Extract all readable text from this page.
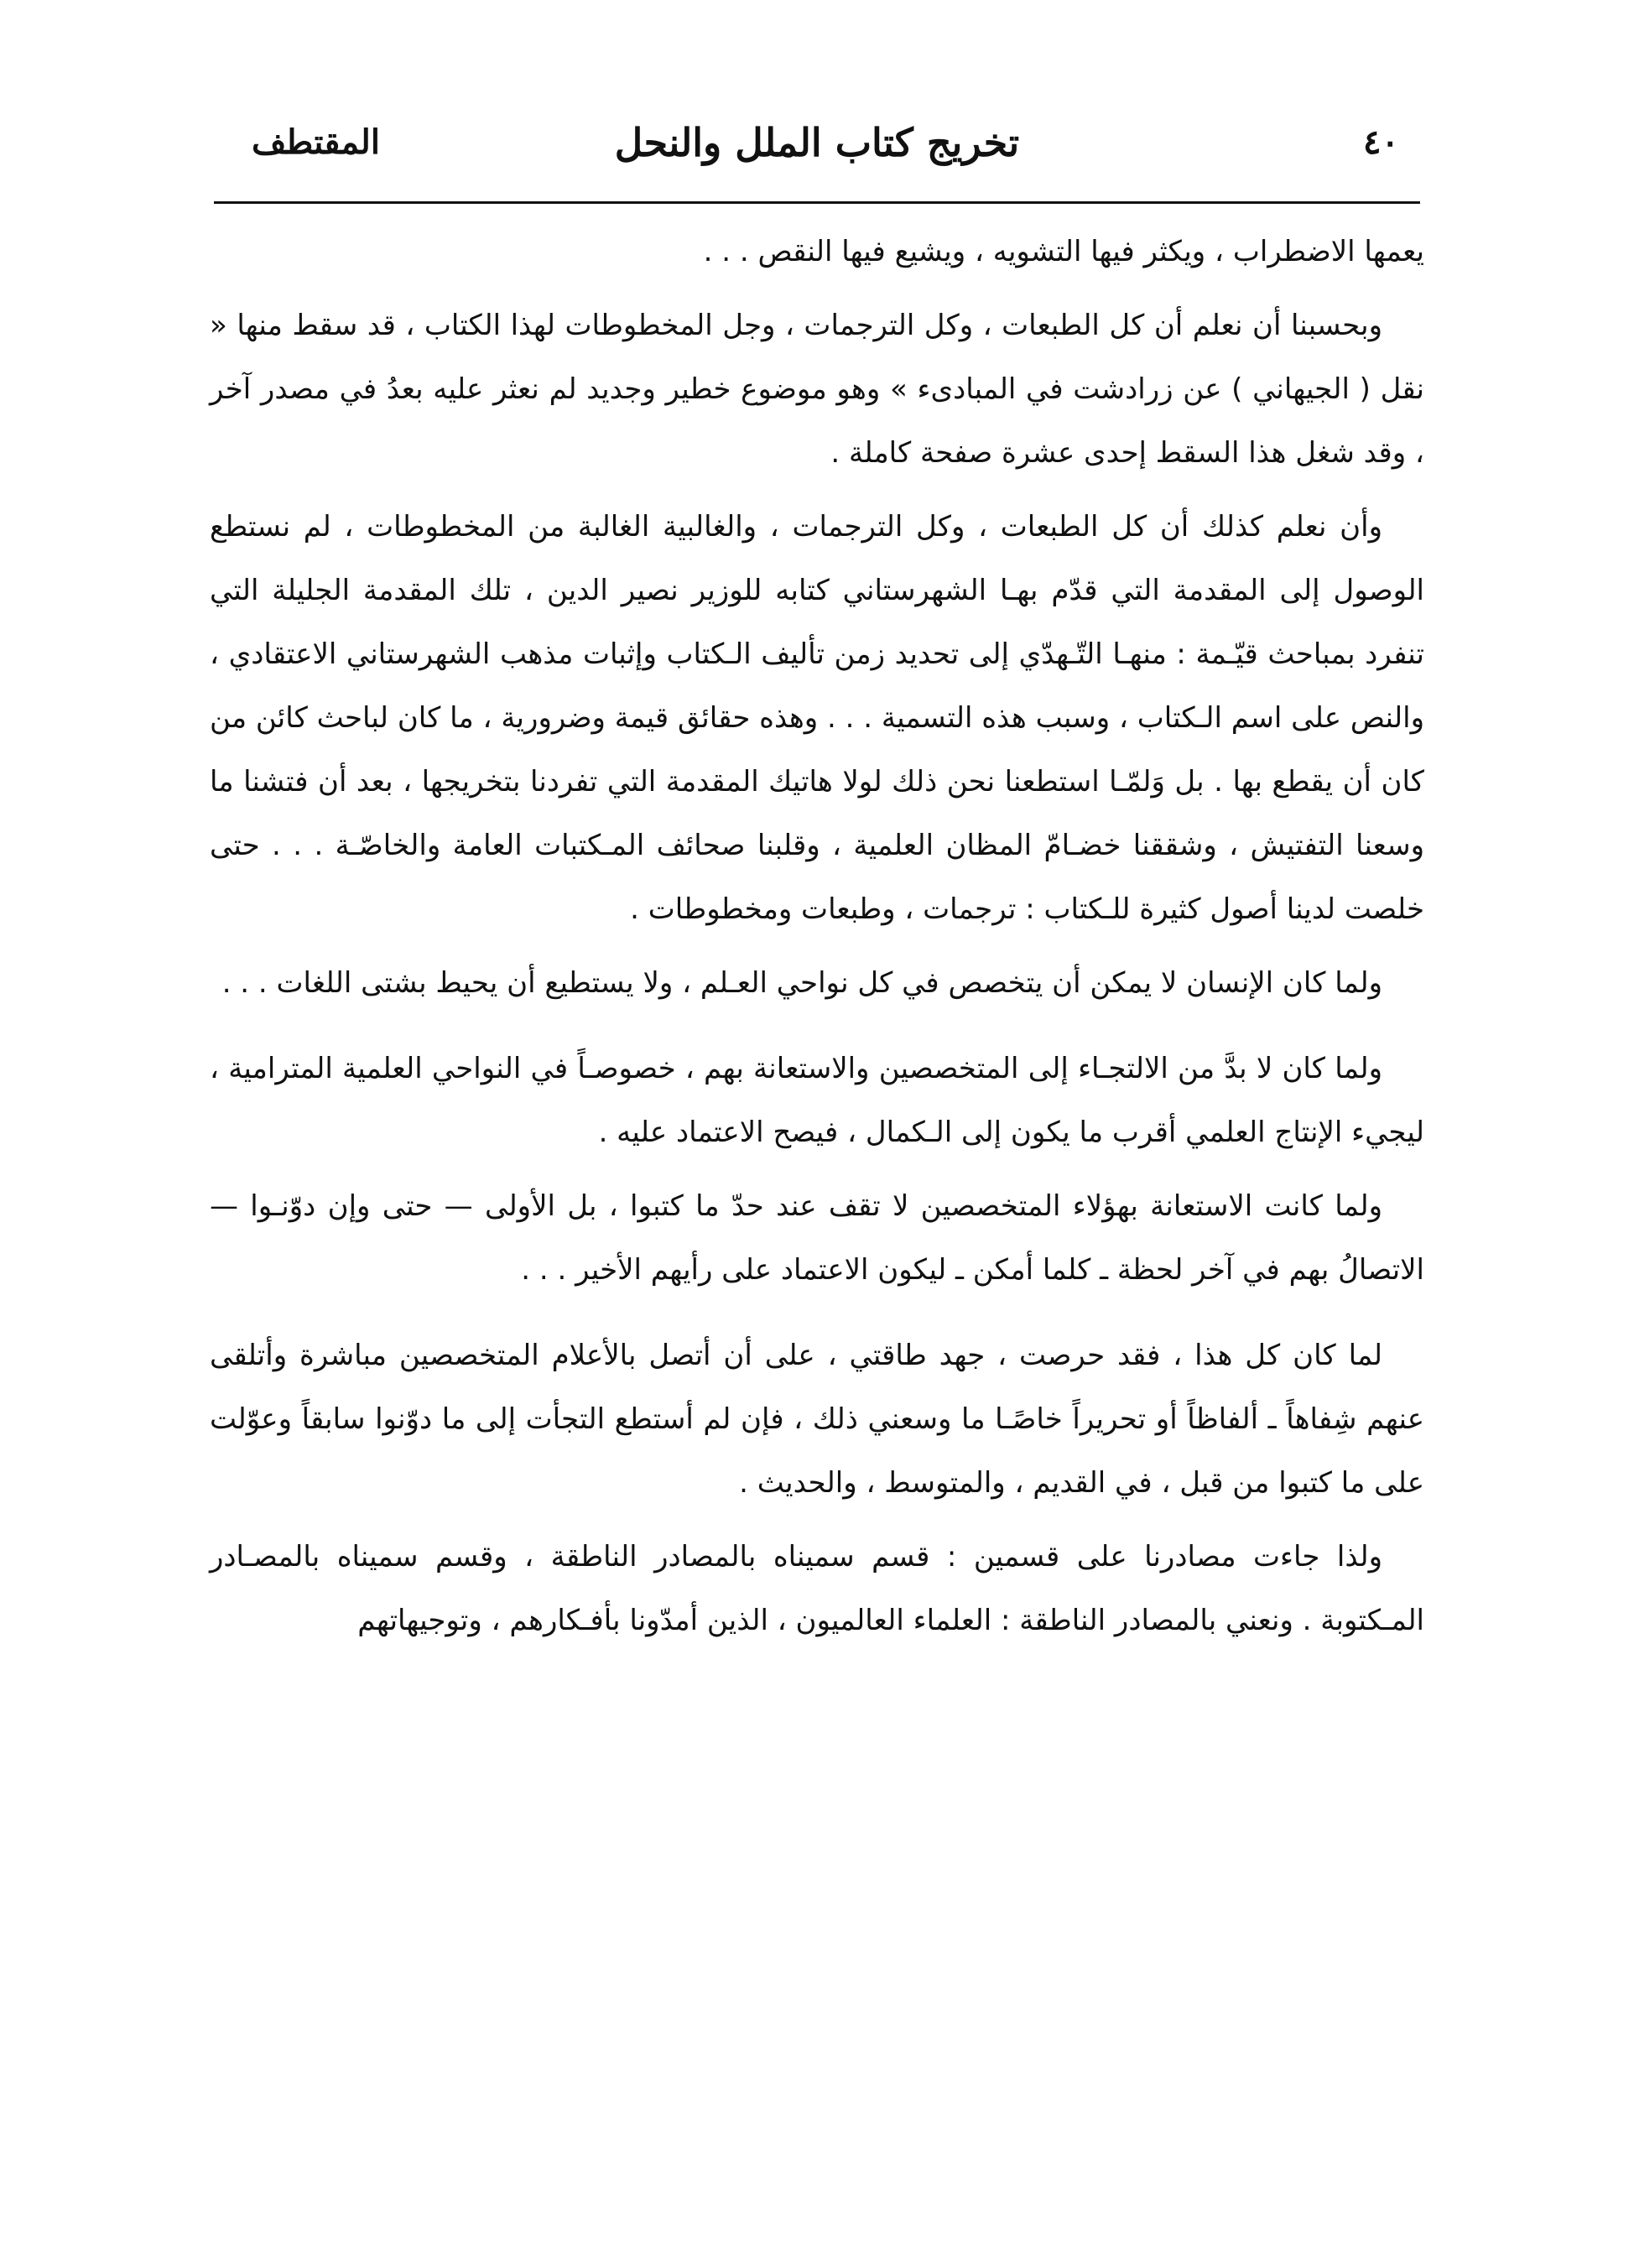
٤٠
تخريج كتاب الملل والنحل
المقتطف

يعمها الاضطراب ، ويكثر فيها التشويه ، ويشيع فيها النقص . . .

وبحسبنا أن نعلم أن كل الطبعات ، وكل الترجمات ، وجل المخطوطات لهذا الكتاب ، قد سقط منها « نقل ( الجيهاني ) عن زرادشت في المبادىء » وهو موضوع خطير وجديد لم نعثر عليه بعدُ في مصدر آخر ، وقد شغل هذا السقط إحدى عشرة صفحة كاملة .

وأن نعلم كذلك أن كل الطبعات ، وكل الترجمات ، والغالبية الغالبة من المخطوطات ، لم نستطع الوصول إلى المقدمة التي قدّم بهـا الشهرستاني كتابه للوزير نصير الدين ، تلك المقدمة الجليلة التي تنفرد بمباحث قيّـمة : منهـا التّـهدّي إلى تحديد زمن تأليف الـكتاب وإثبات مذهب الشهرستاني الاعتقادي ، والنص على اسم الـكتاب ، وسبب هذه التسمية . . . وهذه حقائق قيمة وضرورية ، ما كان لباحث كائن من كان أن يقطع بها . بل وَلمّـا استطعنا نحن ذلك لولا هاتيك المقدمة التي تفردنا بتخريجها ، بعد أن فتشنا ما وسعنا التفتيش ، وشققنا خضـامّ المظان العلمية ، وقلبنا صحائف المـكتبات العامة والخاصّـة . . . حتى خلصت لدينا أصول كثيرة للـكتاب : ترجمات ، وطبعات ومخطوطات .

ولما كان الإنسان لا يمكن أن يتخصص في كل نواحي العـلم ، ولا يستطيع أن يحيط بشتى اللغات . . .

ولما كان لا بدَّ من الالتجـاء إلى المتخصصين والاستعانة بهم ، خصوصـاً في النواحي العلمية المترامية ، ليجيء الإنتاج العلمي أقرب ما يكون إلى الـكمال ، فيصح الاعتماد عليه .

ولما كانت الاستعانة بهؤلاء المتخصصين لا تقف عند حدّ ما كتبوا ، بل الأولى — حتى وإن دوّنـوا — الاتصالُ بهم في آخر لحظة ـ كلما أمكن ـ ليكون الاعتماد على رأيهم الأخير . . .

لما كان كل هذا ، فقد حرصت ، جهد طاقتي ، على أن أتصل بالأعلام المتخصصين مباشرة وأتلقى عنهم شِفاهاً ـ ألفاظاً أو تحريراً خاصًـا ما وسعني ذلك ، فإن لم أستطع التجأت إلى ما دوّنوا سابقاً وعوّلت على ما كتبوا من قبل ، في القديم ، والمتوسط ، والحديث .

ولذا جاءت مصادرنا على قسمين : قسم سميناه بالمصادر الناطقة ، وقسم سميناه بالمصـادر المـكتوبة . ونعني بالمصادر الناطقة : العلماء العالميون ، الذين أمدّونا بأفـكارهم ، وتوجيهاتهم
